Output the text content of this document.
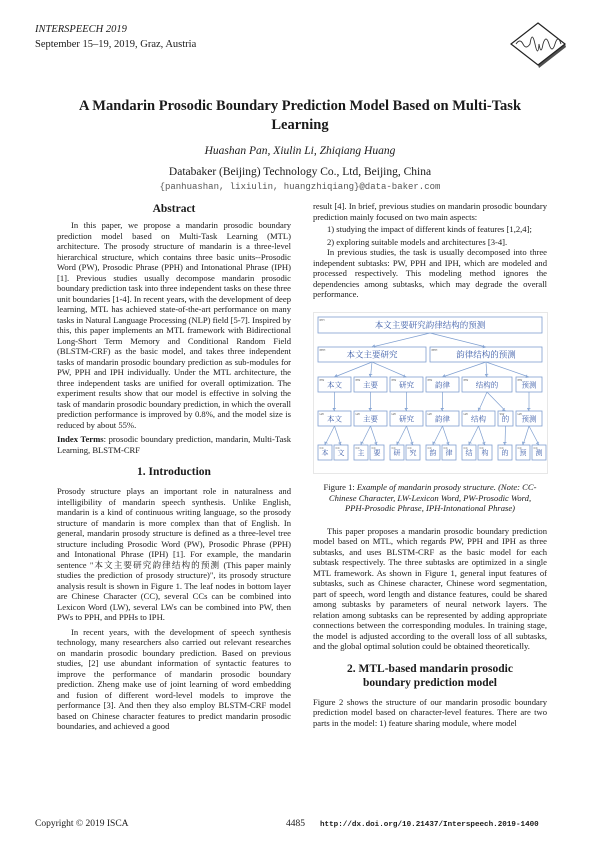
INTERSPEECH 2019
September 15–19, 2019, Graz, Austria
A Mandarin Prosodic Boundary Prediction Model Based on Multi-Task Learning
Huashan Pan, Xiulin Li, Zhiqiang Huang
Databaker (Beijing) Technology Co., Ltd, Beijing, China
{panhuashan, lixiulin, huangzhiqiang}@data-baker.com
Abstract

In this paper, we propose a mandarin prosodic boundary prediction model based on Multi-Task Learning (MTL) architecture. The prosody structure of mandarin is a three-level hierarchical structure, which contains three basic units--Prosodic Word (PW), Prosodic Phrase (PPH) and Intonational Phrase (IPH) [1]. Previous studies usually decompose mandarin prosodic boundary prediction task into three independent tasks on these three unit boundaries [1-4]. In recent years, with the development of deep learning, MTL has achieved state-of-the-art performance on many tasks in Natural Language Processing (NLP) field [5-7]. Inspired by this, this paper implements an MTL framework with Bidirectional Long-Short Term Memory and Conditional Random Field (BLSTM-CRF) as the basic model, and takes three independent tasks of mandarin prosodic boundary prediction as sub-modules for PW, PPH and IPH individually. Under the MTL architecture, the three independent tasks are unified for overall optimization. The experiment results show that our model is effective in solving the task of mandarin prosodic boundary prediction, in which the overall prediction performance is improved by 0.8%, and the model size is reduced by about 55%.

Index Terms: prosodic boundary prediction, mandarin, Multi-Task Learning, BLSTM-CRF

1. Introduction

Prosody structure plays an important role in naturalness and intelligibility of mandarin speech synthesis. Unlike English, mandarin is a kind of continuous writing language, so the prosody structure of mandarin is more complex than that of English. In general, mandarin prosody structure is defined as a three-level tree structure including Prosodic Word (PW), Prosodic Phrase (PPH) and Intonational Phrase (IPH) [1]. For example, the mandarin sentence "本文主要研究韵律结构的预测 (This paper mainly studies the prediction of prosody structure)", its prosody structure analysis result is shown in Figure 1. The leaf nodes in bottom layer are Chinese Character (CC), several CCs can be combined into Lexicon Word (LW), several LWs can be combined into PW, then PWs to PPH, and PPHs to IPH.

In recent years, with the development of speech synthesis technology, many researchers also carried out relevant researches on mandarin prosodic boundary prediction. Based on previous studies, [2] use abundant information of syntactic features to improve the performance of mandarin prosodic boundary prediction. Zheng make use of joint learning of word embedding and fusion of different word-level models to improve the performance [3]. And then they also employ BLSTM-CRF model based on Chinese character features to predict mandarin prosodic boundaries, and achieved a good

result [4]. In brief, previous studies on mandarin prosodic boundary prediction mainly focused on two main aspects:

1) studying the impact of different kinds of features [1,2,4];

2) exploring suitable models and architectures [3-4].

In previous studies, the task is usually decomposed into three independent subtasks: PW, PPH and IPH, which are modeled and processed respectively. This modeling method ignores the dependencies among subtasks, which may degrade the overall performance.

IPH
本文主要研究韵律结构的预测
PPH
本文主要研究
PPH
韵律结构的预测
PW
本文
PW
主要
PW
研究
PW
韵律
PW
结构的
PW
预测
LW
本文
LW
主要
LW
研究
LW
韵律
LW
结构
SW
的
LW
预测
CC
本
CC
文
CC
主
CC
要
CC
研
CC
究
CC
韵
CC
律
CC
结
CC
构
CC
的
CC
预
CC
测
Figure 1: Example of mandarin prosody structure. (Note: CC-Chinese Character, LW-Lexicon Word, PW-Prosodic Word, PPH-Prosodic Phrase, IPH-Intonational Phrase)

This paper proposes a mandarin prosodic boundary prediction model based on MTL, which regards PW, PPH and IPH as three subtasks, and uses BLSTM-CRF as the basic model for each subtask respectively. The three subtasks are optimized in a single MTL framework. As shown in Figure 1, general input features of subtasks, such as Chinese character, Chinese word segmentation, part of speech, word length and distance features, could be shared among subtasks by parameters of neural network layers. The relation among subtasks can be represented by adding appropriate connections between the corresponding modules. In training stage, the model is adjusted according to the overall loss of all subtasks, and the global optimal solution could be obtained theoretically.

2. MTL-based mandarin prosodic boundary prediction model

Figure 2 shows the structure of our mandarin prosodic boundary prediction model based on character-level features. There are two parts in the model: 1) feature sharing module, where model

Copyright © 2019 ISCA	4485 http://dx.doi.org/10.21437/Interspeech.2019-1400
